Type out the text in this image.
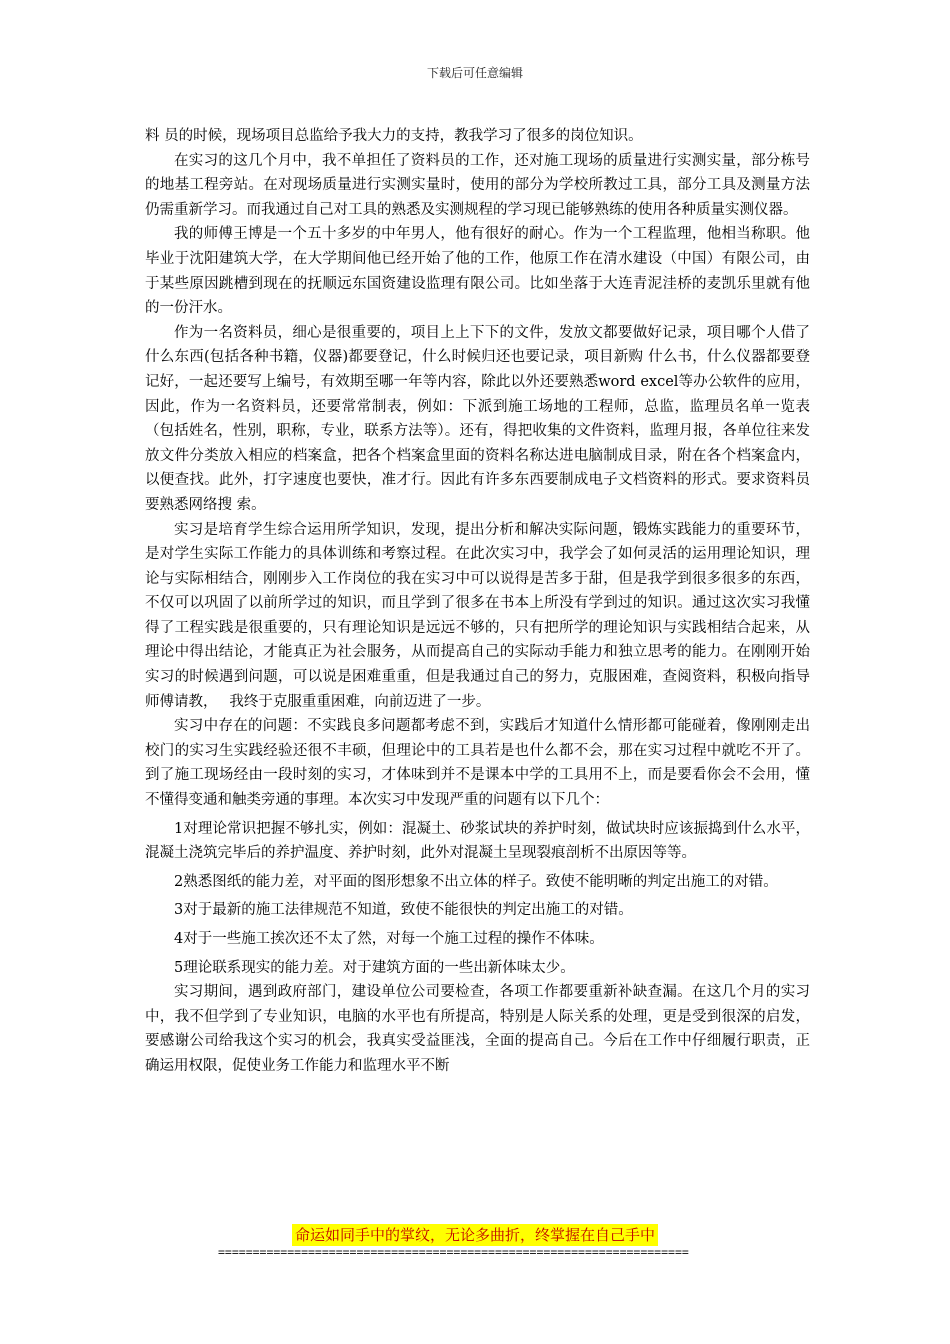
下载后可任意编辑

料 员的时候，现场项目总监给予我大力的支持，教我学习了很多的岗位知识。

在实习的这几个月中，我不单担任了资料员的工作，还对施工现场的质量进行实测实量，部分栋号的地基工程旁站。在对现场质量进行实测实量时，使用的部分为学校所教过工具，部分工具及测量方法仍需重新学习。而我通过自己对工具的熟悉及实测规程的学习现已能够熟练的使用各种质量实测仪器。

我的师傅王博是一个五十多岁的中年男人，他有很好的耐心。作为一个工程监理，他相当称职。他毕业于沈阳建筑大学，在大学期间他已经开始了他的工作，他原工作在清水建设（中国）有限公司，由于某些原因跳槽到现在的抚顺远东国资建设监理有限公司。比如坐落于大连青泥洼桥的麦凯乐里就有他的一份汗水。

作为一名资料员，细心是很重要的，项目上上下下的文件，发放文都要做好记录，项目哪个人借了什么东西(包括各种书籍，仪器)都要登记，什么时候归还也要记录，项目新购 什么书，什么仪器都要登记好，一起还要写上编号，有效期至哪一年等内容，除此以外还要熟悉word excel等办公软件的应用，因此，作为一名资料员，还要常常制表，例如：下派到施工场地的工程师，总监，监理员名单一览表（包括姓名，性别，职称，专业，联系方法等）。还有，得把收集的文件资料，监理月报，各单位往来发放文件分类放入相应的档案盒，把各个档案盒里面的资料名称达进电脑制成目录，附在各个档案盒内，以便查找。此外，打字速度也要快，准才行。因此有许多东西要制成电子文档资料的形式。要求资料员要熟悉网络搜 索。

实习是培育学生综合运用所学知识，发现，提出分析和解决实际问题，锻炼实践能力的重要环节，是对学生实际工作能力的具体训练和考察过程。在此次实习中，我学会了如何灵活的运用理论知识，理论与实际相结合，刚刚步入工作岗位的我在实习中可以说得是苦多于甜，但是我学到很多很多的东西，不仅可以巩固了以前所学过的知识，而且学到了很多在书本上所没有学到过的知识。通过这次实习我懂得了工程实践是很重要的，只有理论知识是远远不够的，只有把所学的理论知识与实践相结合起来，从理论中得出结论，才能真正为社会服务，从而提高自己的实际动手能力和独立思考的能力。在刚刚开始实习的时候遇到问题，可以说是困难重重，但是我通过自己的努力，克服困难，查阅资料，积极向指导师傅请教，　 我终于克服重重困难，向前迈进了一步。

实习中存在的问题：不实践良多问题都考虑不到，实践后才知道什么情形都可能碰着，像刚刚走出校门的实习生实践经验还很不丰硕，但理论中的工具若是也什么都不会，那在实习过程中就吃不开了。到了施工现场经由一段时刻的实习，才体味到并不是课本中学的工具用不上，而是要看你会不会用，懂不懂得变通和触类旁通的事理。本次实习中发现严重的问题有以下几个：

1对理论常识把握不够扎实，例如：混凝土、砂浆试块的养护时刻，做试块时应该振捣到什么水平，混凝土浇筑完毕后的养护温度、养护时刻，此外对混凝土呈现裂痕剖析不出原因等等。

2熟悉图纸的能力差，对平面的图形想象不出立体的样子。致使不能明晰的判定出施工的对错。

3对于最新的施工法律规范不知道，致使不能很快的判定出施工的对错。

4对于一些施工挨次还不太了然，对每一个施工过程的操作不体味。

5理论联系现实的能力差。对于建筑方面的一些出新体味太少。

实习期间，遇到政府部门，建设单位公司要检查，各项工作都要重新补缺查漏。在这几个月的实习中，我不但学到了专业知识，电脑的水平也有所提高，特别是人际关系的处理，更是受到很深的启发，要感谢公司给我这个实习的机会，我真实受益匪浅，全面的提高自己。今后在工作中仔细履行职责，正确运用权限，促使业务工作能力和监理水平不断

命运如同手中的掌纹，无论多曲折，终掌握在自己手中
====================================================================
